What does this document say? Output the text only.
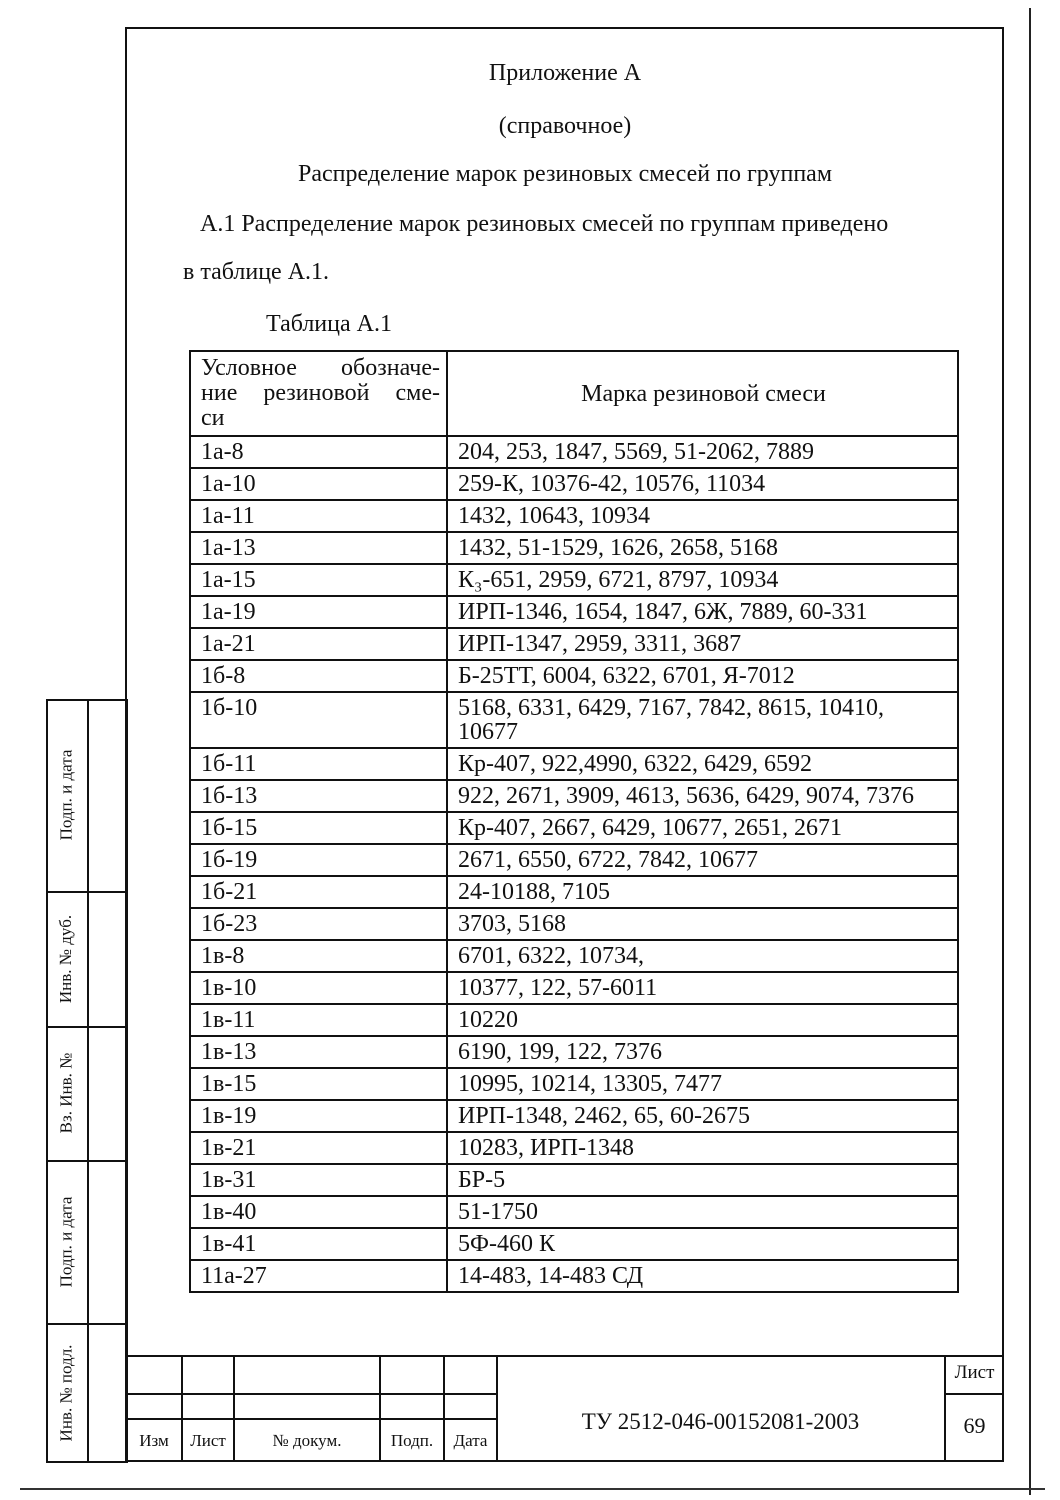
Приложение А
(справочное)
Распределение марок резиновых смесей по группам
А.1 Распределение марок резиновых смесей по группам приведено
в таблице А.1.
Таблица А.1
Условное обозначе-
ние резиновой сме-
си	Марка резиновой смеси
1а-8	204, 253, 1847, 5569, 51-2062, 7889
1а-10	259-К, 10376-42, 10576, 11034
1а-11	1432, 10643, 10934
1а-13	1432, 51-1529, 1626, 2658, 5168
1а-15	К₃-651, 2959, 6721, 8797, 10934
1а-19	ИРП-1346, 1654, 1847, 6Ж, 7889, 60-331
1а-21	ИРП-1347, 2959, 3311, 3687
1б-8	Б-25ТТ, 6004, 6322, 6701, Я-7012
1б-10	5168, 6331, 6429, 7167, 7842, 8615, 10410, 10677
1б-11	Кр-407, 922,4990, 6322, 6429, 6592
1б-13	922, 2671, 3909, 4613, 5636, 6429, 9074, 7376
1б-15	Кр-407, 2667, 6429, 10677, 2651, 2671
1б-19	2671, 6550, 6722, 7842, 10677
1б-21	24-10188, 7105
1б-23	3703, 5168
1в-8	6701, 6322, 10734,
1в-10	10377, 122, 57-6011
1в-11	10220
1в-13	6190, 199, 122, 7376
1в-15	10995, 10214, 13305, 7477
1в-19	ИРП-1348, 2462, 65, 60-2675
1в-21	10283, ИРП-1348
1в-31	БР-5
1в-40	51-1750
1в-41	5Ф-460 К
11а-27	14-483, 14-483 СД
Подп. и дата
Инв. № дуб.
Вз. Инв. №
Подп. и дата
Инв. № подл.	Изм	Лист	№ докум.	Подп.	Дата
ТУ 2512-046-00152081-2003
Лист
69
